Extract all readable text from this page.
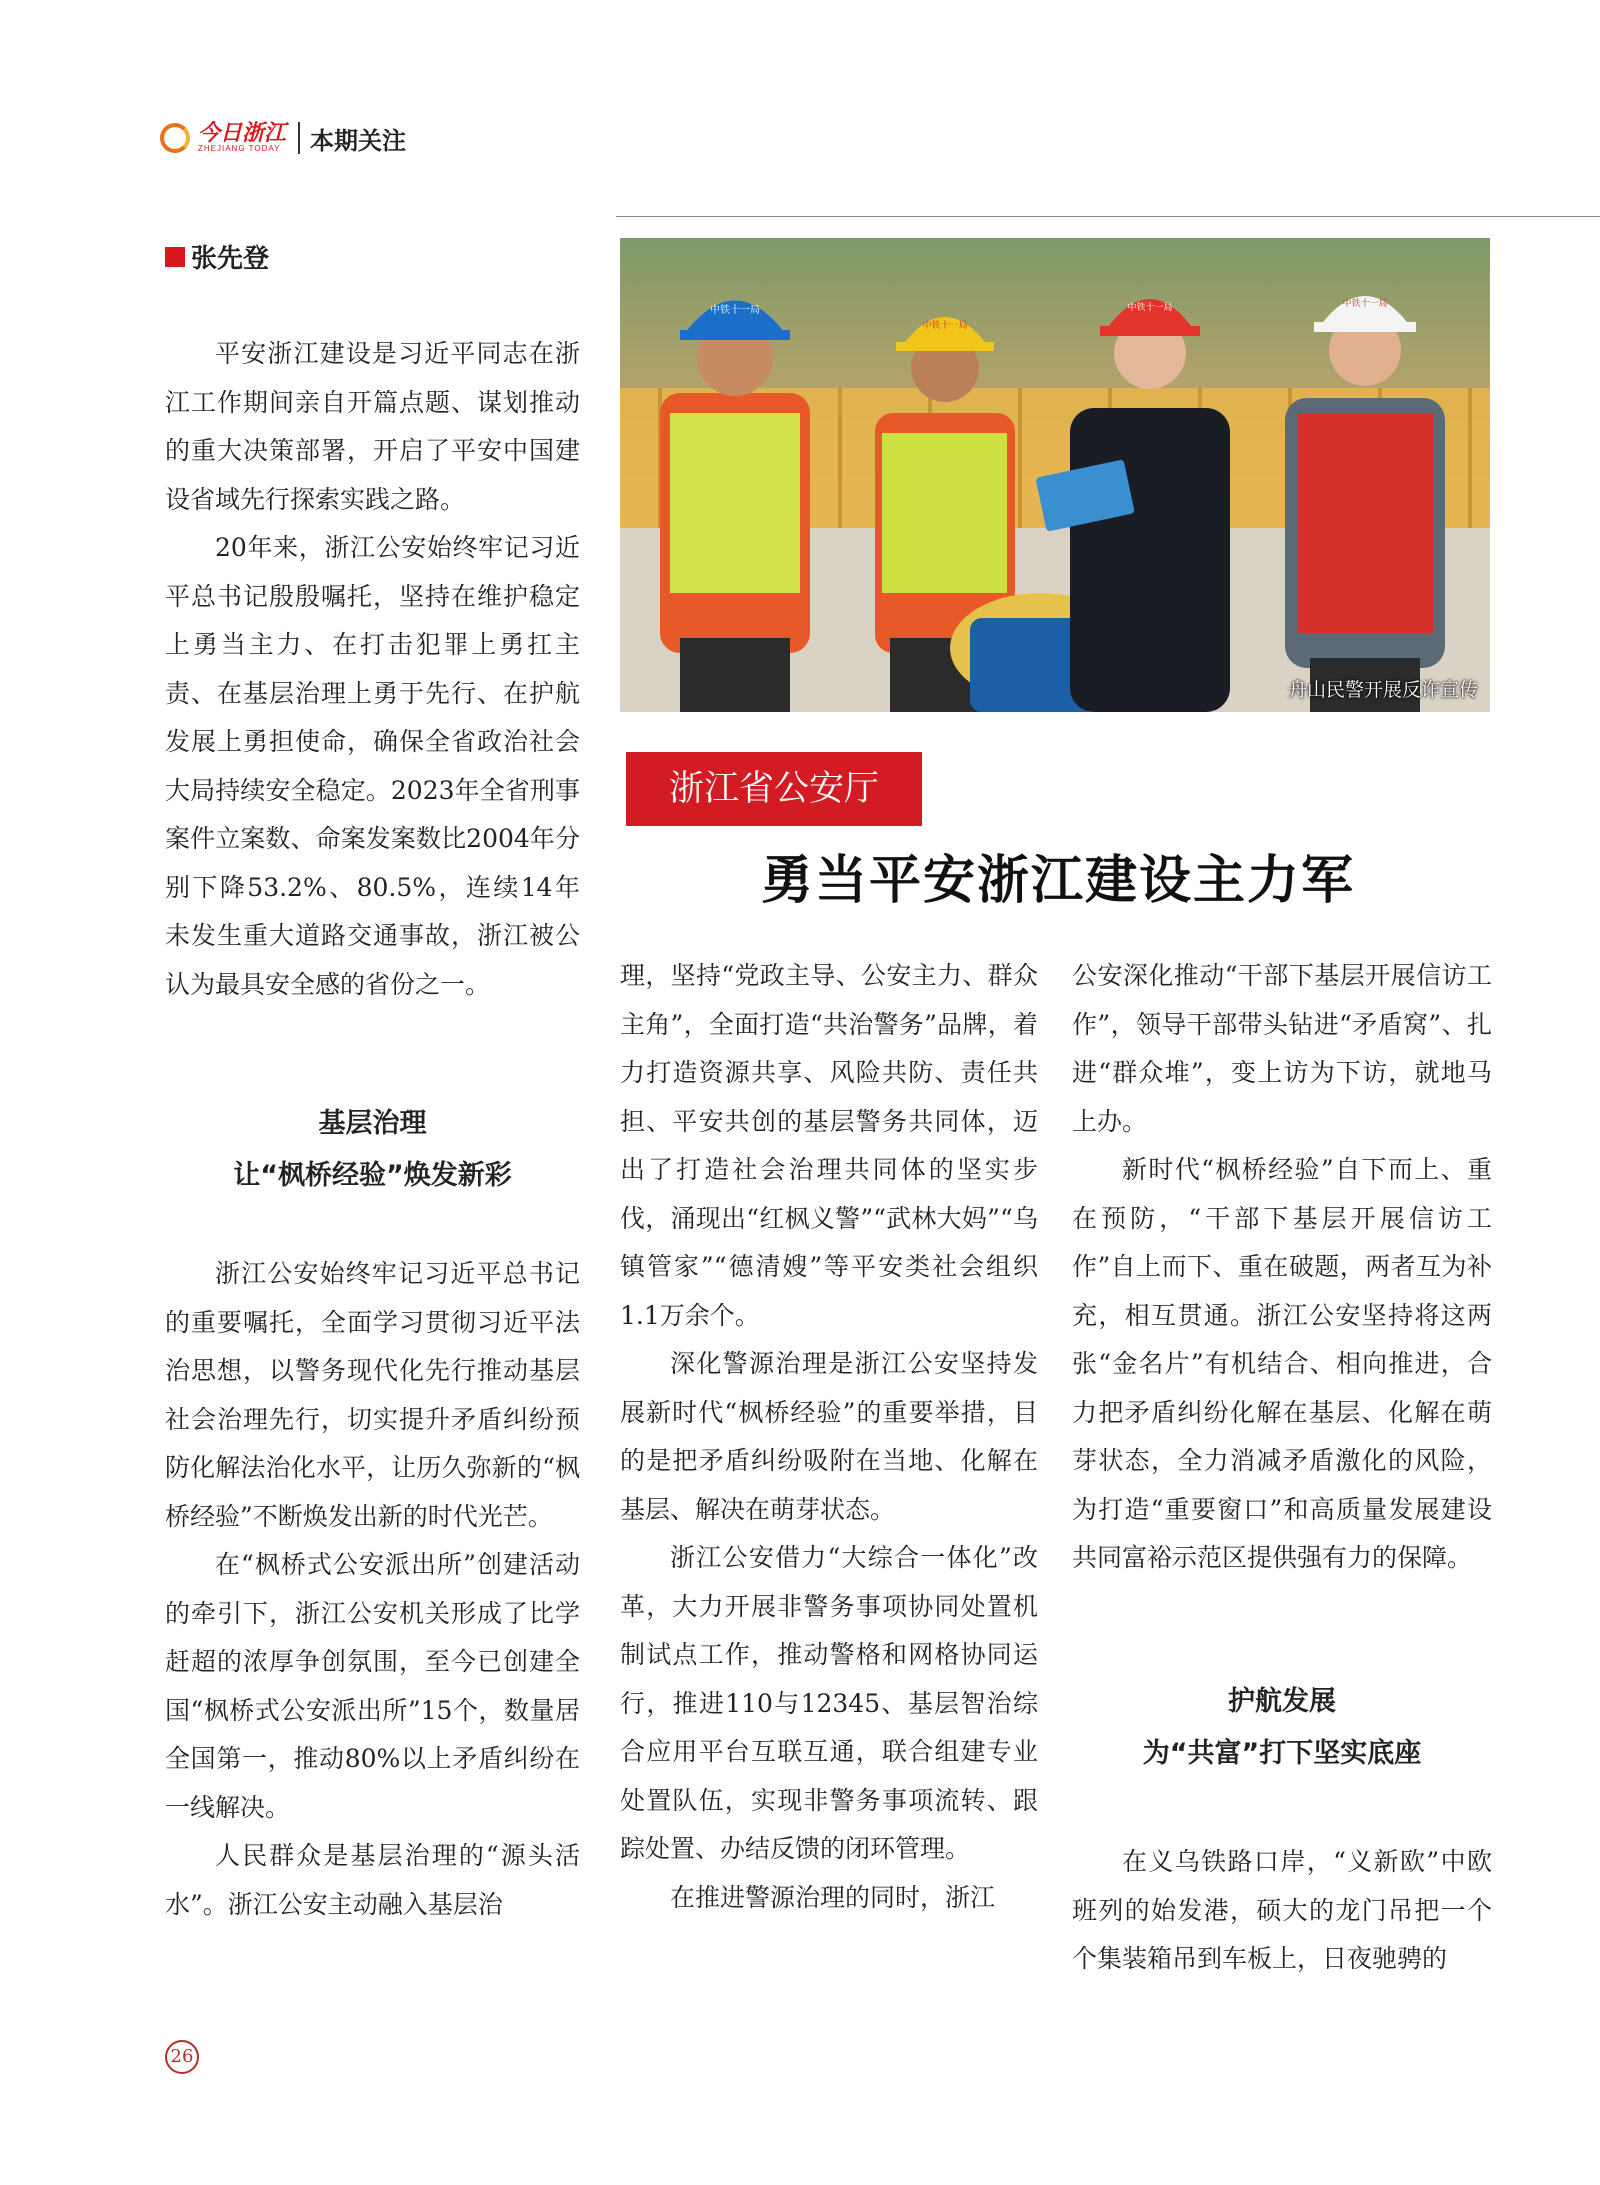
今日浙江
ZHEJIANG TODAY 本期关注
张先登

平安浙江建设是习近平同志在浙江工作期间亲自开篇点题、谋划推动的重大决策部署，开启了平安中国建设省域先行探索实践之路。

20年来，浙江公安始终牢记习近平总书记殷殷嘱托，坚持在维护稳定上勇当主力、在打击犯罪上勇扛主责、在基层治理上勇于先行、在护航发展上勇担使命，确保全省政治社会大局持续安全稳定。2023年全省刑事案件立案数、命案发案数比2004年分别下降53.2%、80.5%，连续14年未发生重大道路交通事故，浙江被公认为最具安全感的省份之一。

基层治理
让“枫桥经验”焕发新彩

浙江公安始终牢记习近平总书记的重要嘱托，全面学习贯彻习近平法治思想，以警务现代化先行推动基层社会治理先行，切实提升矛盾纠纷预防化解法治化水平，让历久弥新的“枫桥经验”不断焕发出新的时代光芒。

在“枫桥式公安派出所”创建活动的牵引下，浙江公安机关形成了比学赶超的浓厚争创氛围，至今已创建全国“枫桥式公安派出所”15个，数量居全国第一，推动80%以上矛盾纠纷在一线解决。

人民群众是基层治理的“源头活水”。浙江公安主动融入基层治

中铁十一局
中铁十一局
中铁十一局	中铁十一局
舟山民警开展反诈宣传
浙江省公安厅
勇当平安浙江建设主力军

理，坚持“党政主导、公安主力、群众主角”，全面打造“共治警务”品牌，着力打造资源共享、风险共防、责任共担、平安共创的基层警务共同体，迈出了打造社会治理共同体的坚实步伐，涌现出“红枫义警”“武林大妈”“乌镇管家”“德清嫂”等平安类社会组织1.1万余个。

深化警源治理是浙江公安坚持发展新时代“枫桥经验”的重要举措，目的是把矛盾纠纷吸附在当地、化解在基层、解决在萌芽状态。

浙江公安借力“大综合一体化”改革，大力开展非警务事项协同处置机制试点工作，推动警格和网格协同运行，推进110与12345、基层智治综合应用平台互联互通，联合组建专业处置队伍，实现非警务事项流转、跟踪处置、办结反馈的闭环管理。

在推进警源治理的同时，浙江

公安深化推动“干部下基层开展信访工作”，领导干部带头钻进“矛盾窝”、扎进“群众堆”，变上访为下访，就地马上办。

新时代“枫桥经验”自下而上、重在预防，“干部下基层开展信访工作”自上而下、重在破题，两者互为补充，相互贯通。浙江公安坚持将这两张“金名片”有机结合、相向推进，合力把矛盾纠纷化解在基层、化解在萌芽状态，全力消减矛盾激化的风险，为打造“重要窗口”和高质量发展建设共同富裕示范区提供强有力的保障。

护航发展
为“共富”打下坚实底座

在义乌铁路口岸，“义新欧”中欧班列的始发港，硕大的龙门吊把一个个集装箱吊到车板上，日夜驰骋的

26
